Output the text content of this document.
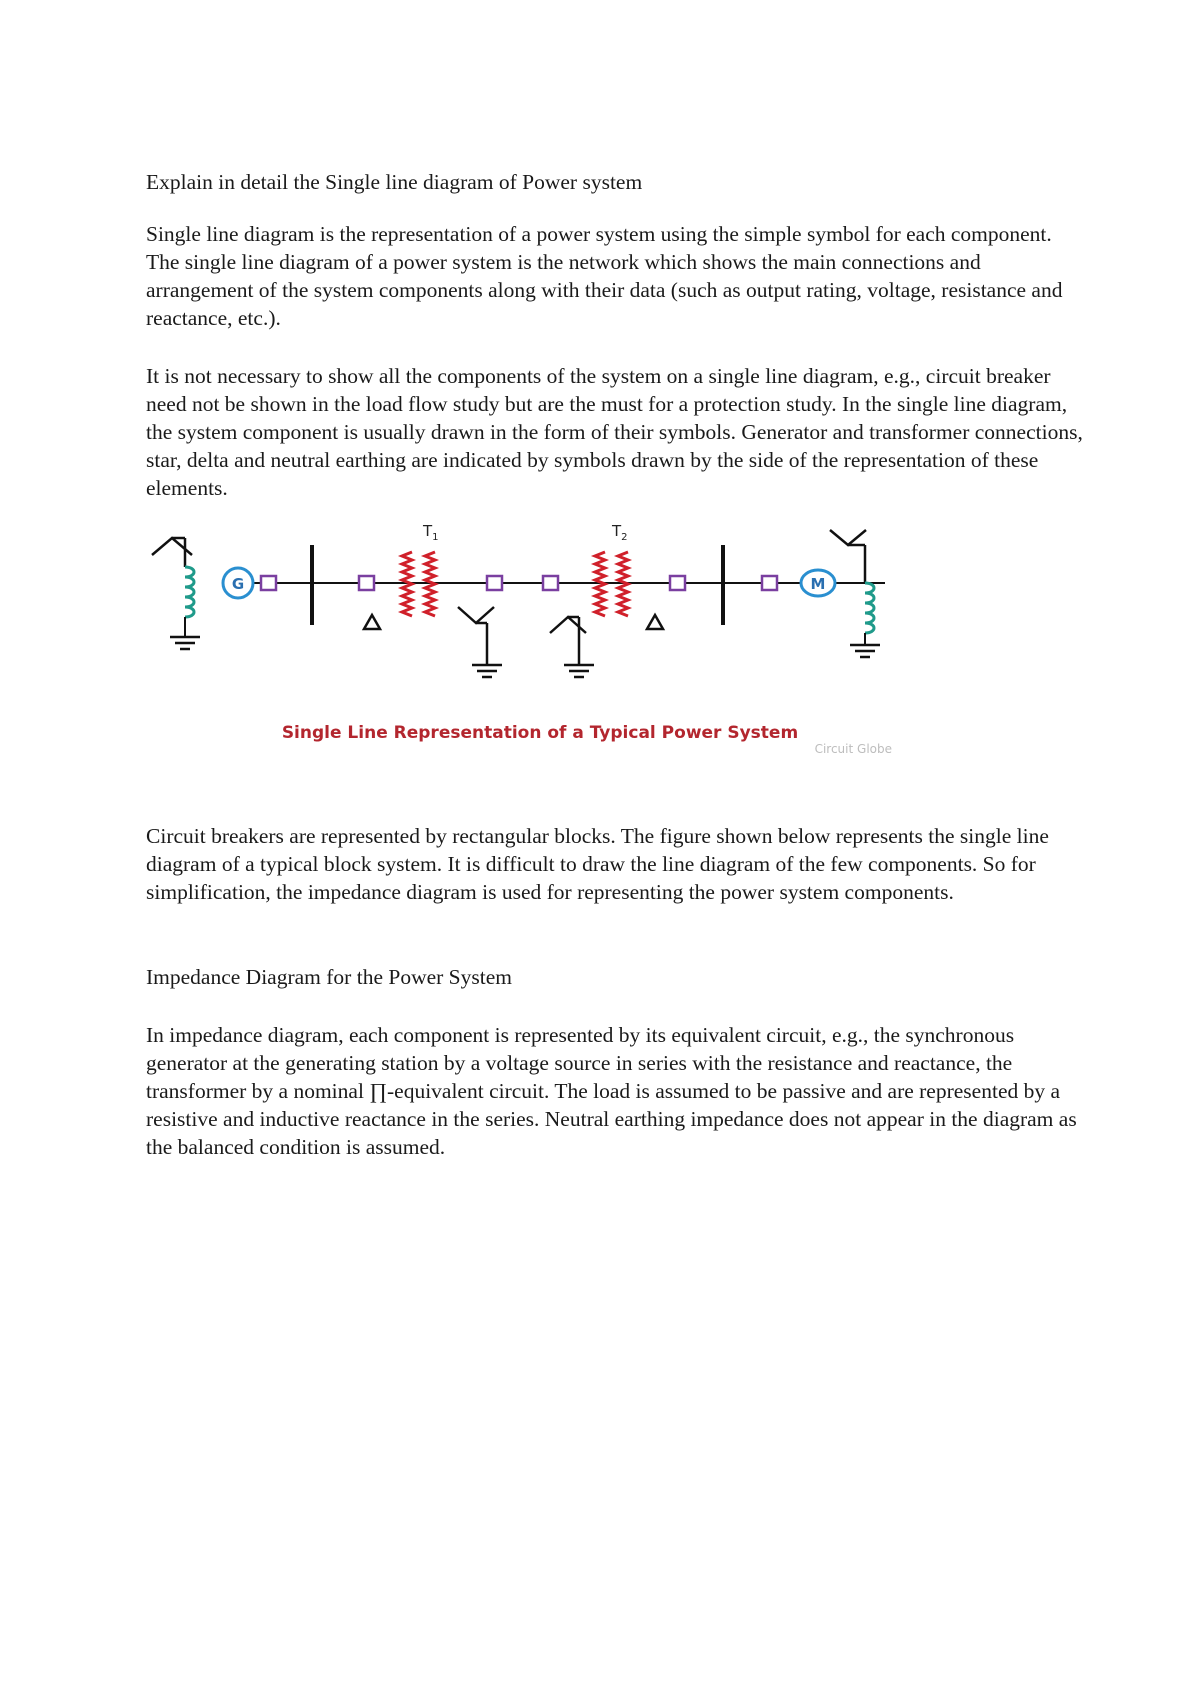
Explain in detail the Single line diagram of Power system

Single line diagram is the representation of a power system using the simple symbol for each component. The single line diagram of a power system is the network which shows the main connections and arrangement of the system components along with their data (such as output rating, voltage, resistance and reactance, etc.).

It is not necessary to show all the components of the system on a single line diagram, e.g., circuit breaker need not be shown in the load flow study but are the must for a protection study. In the single line diagram, the system component is usually drawn in the form of their symbols. Generator and transformer connections, star, delta and neutral earthing are indicated by symbols drawn by the side of the representation of these elements.

G
$T_1$	$T_2$
M
Single Line Representation of a Typical Power System
Circuit Globe

Circuit breakers are represented by rectangular blocks. The figure shown below represents the single line diagram of a typical block system. It is difficult to draw the line diagram of the few components. So for simplification, the impedance diagram is used for representing the power system components.

Impedance Diagram for the Power System

In impedance diagram, each component is represented by its equivalent circuit, e.g., the synchronous generator at the generating station by a voltage source in series with the resistance and reactance, the transformer by a nominal ∏-equivalent circuit. The load is assumed to be passive and are represented by a resistive and inductive reactance in the series. Neutral earthing impedance does not appear in the diagram as the balanced condition is assumed.
